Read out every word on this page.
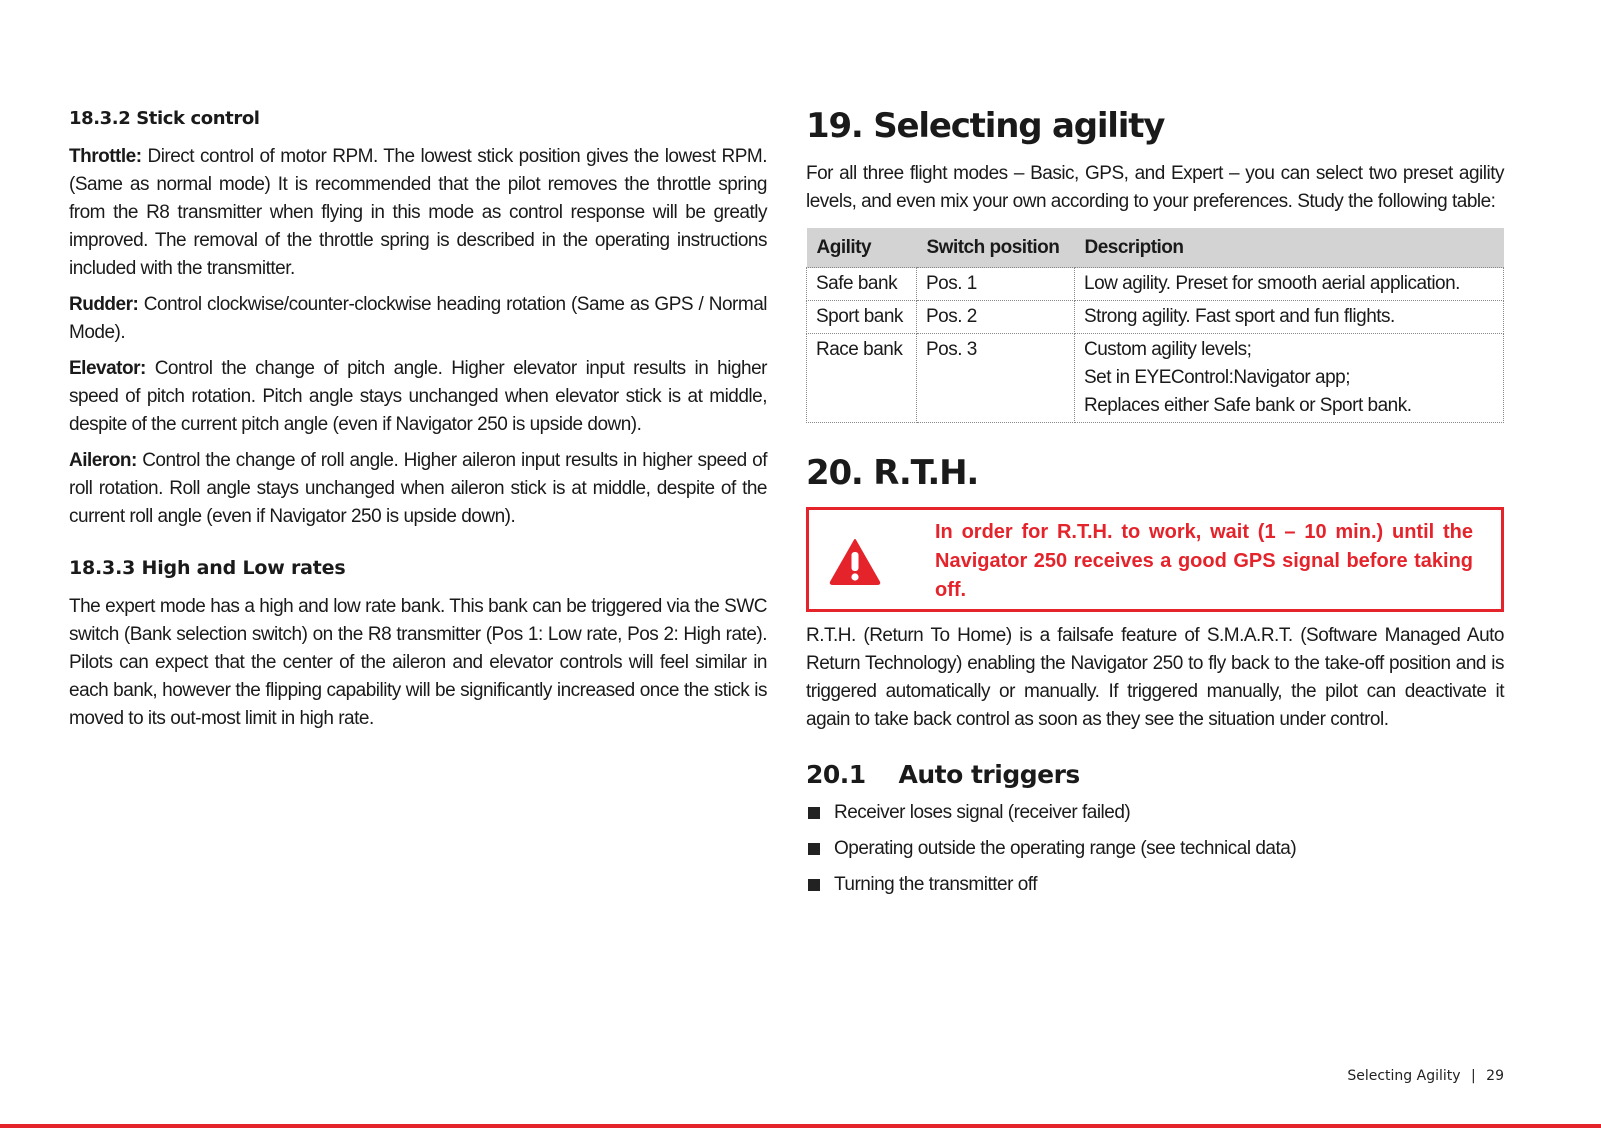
18.3.2 Stick control

Throttle: Direct control of motor RPM. The lowest stick position gives the lowest RPM. (Same as normal mode) It is recommended that the pilot removes the throttle spring from the R8 transmitter when flying in this mode as control response will be greatly improved. The removal of the throttle spring is described in the operating instructions included with the transmitter.

Rudder: Control clockwise/counter-clockwise heading rotation (Same as GPS / Normal Mode).

Elevator: Control the change of pitch angle. Higher elevator input results in higher speed of pitch rotation. Pitch angle stays unchanged when elevator stick is at middle, despite of the current pitch angle (even if Navigator 250 is upside down).

Aileron: Control the change of roll angle. Higher aileron input results in higher speed of roll rotation. Roll angle stays unchanged when aileron stick is at middle, despite of the current roll angle (even if Navigator 250 is upside down).

18.3.3 High and Low rates

The expert mode has a high and low rate bank. This bank can be triggered via the SWC switch (Bank selection switch) on the R8 transmitter (Pos 1: Low rate, Pos 2: High rate). Pilots can expect that the center of the aileron and elevator controls will feel similar in each bank, however the flipping capability will be significantly increased once the stick is moved to its out-most limit in high rate.

19. Selecting agility

For all three flight modes – Basic, GPS, and Expert – you can select two preset agility levels, and even mix your own according to your preferences. Study the following table:

Agility	Switch position	Description
Safe bank	Pos. 1	Low agility. Preset for smooth aerial application.

Sport bank	Pos. 2	Strong agility. Fast sport and fun flights.

Race bank	Pos. 3	Custom agility levels;
Set in EYEControl:Navigator app;
Replaces either Safe bank or Sport bank.
20. R.T.H.
In order for R.T.H. to work, wait (1 – 10 min.) until the Navigator 250 receives a good GPS signal before taking off.

R.T.H. (Return To Home) is a failsafe feature of S.M.A.R.T. (Software Managed Auto Return Technology) enabling the Navigator 250 to fly back to the take-off position and is triggered automatically or manually. If triggered manually, the pilot can deactivate it again to take back control as soon as they see the situation under control.

20.1    Auto triggers
Receiver loses signal (receiver failed)
Operating outside the operating range (see technical data)
Turning the transmitter off
Selecting Agility | 29
